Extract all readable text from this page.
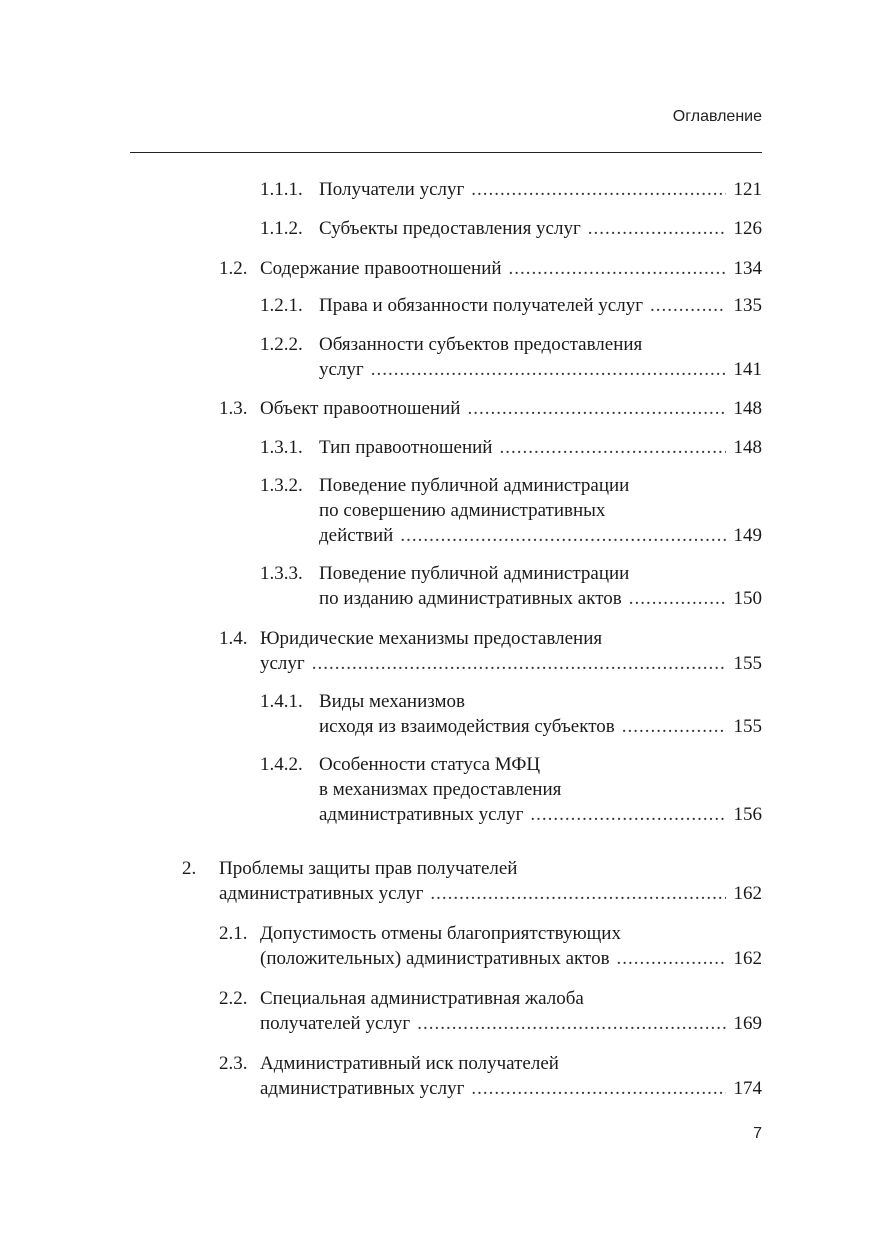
Оглавление
1.1.1. Получатели услуг .....	121
1.1.2. Субъекты предоставления услуг .....	126
1.2. Содержание правоотношений .....	134
1.2.1. Права и обязанности получателей услуг .....	135
1.2.2. Обязанности субъектов предоставления
услуг .....	141
1.3. Объект правоотношений .....	148
1.3.1. Тип правоотношений .....	148
1.3.2. Поведение публичной администрации
по совершению административных
действий .....	149
1.3.3. Поведение публичной администрации
по изданию административных актов .....	150
1.4. Юридические механизмы предоставления
услуг .....	155
1.4.1. Виды механизмов
исходя из взаимодействия субъектов .....	155
1.4.2. Особенности статуса МФЦ
в механизмах предоставления
административных услуг .....	156
2. Проблемы защиты прав получателей
административных услуг .....	162
2.1. Допустимость отмены благоприятствующих
(положительных) административных актов .....	162
2.2. Специальная административная жалоба
получателей услуг .....	169
2.3. Административный иск получателей
административных услуг .....	174
7
